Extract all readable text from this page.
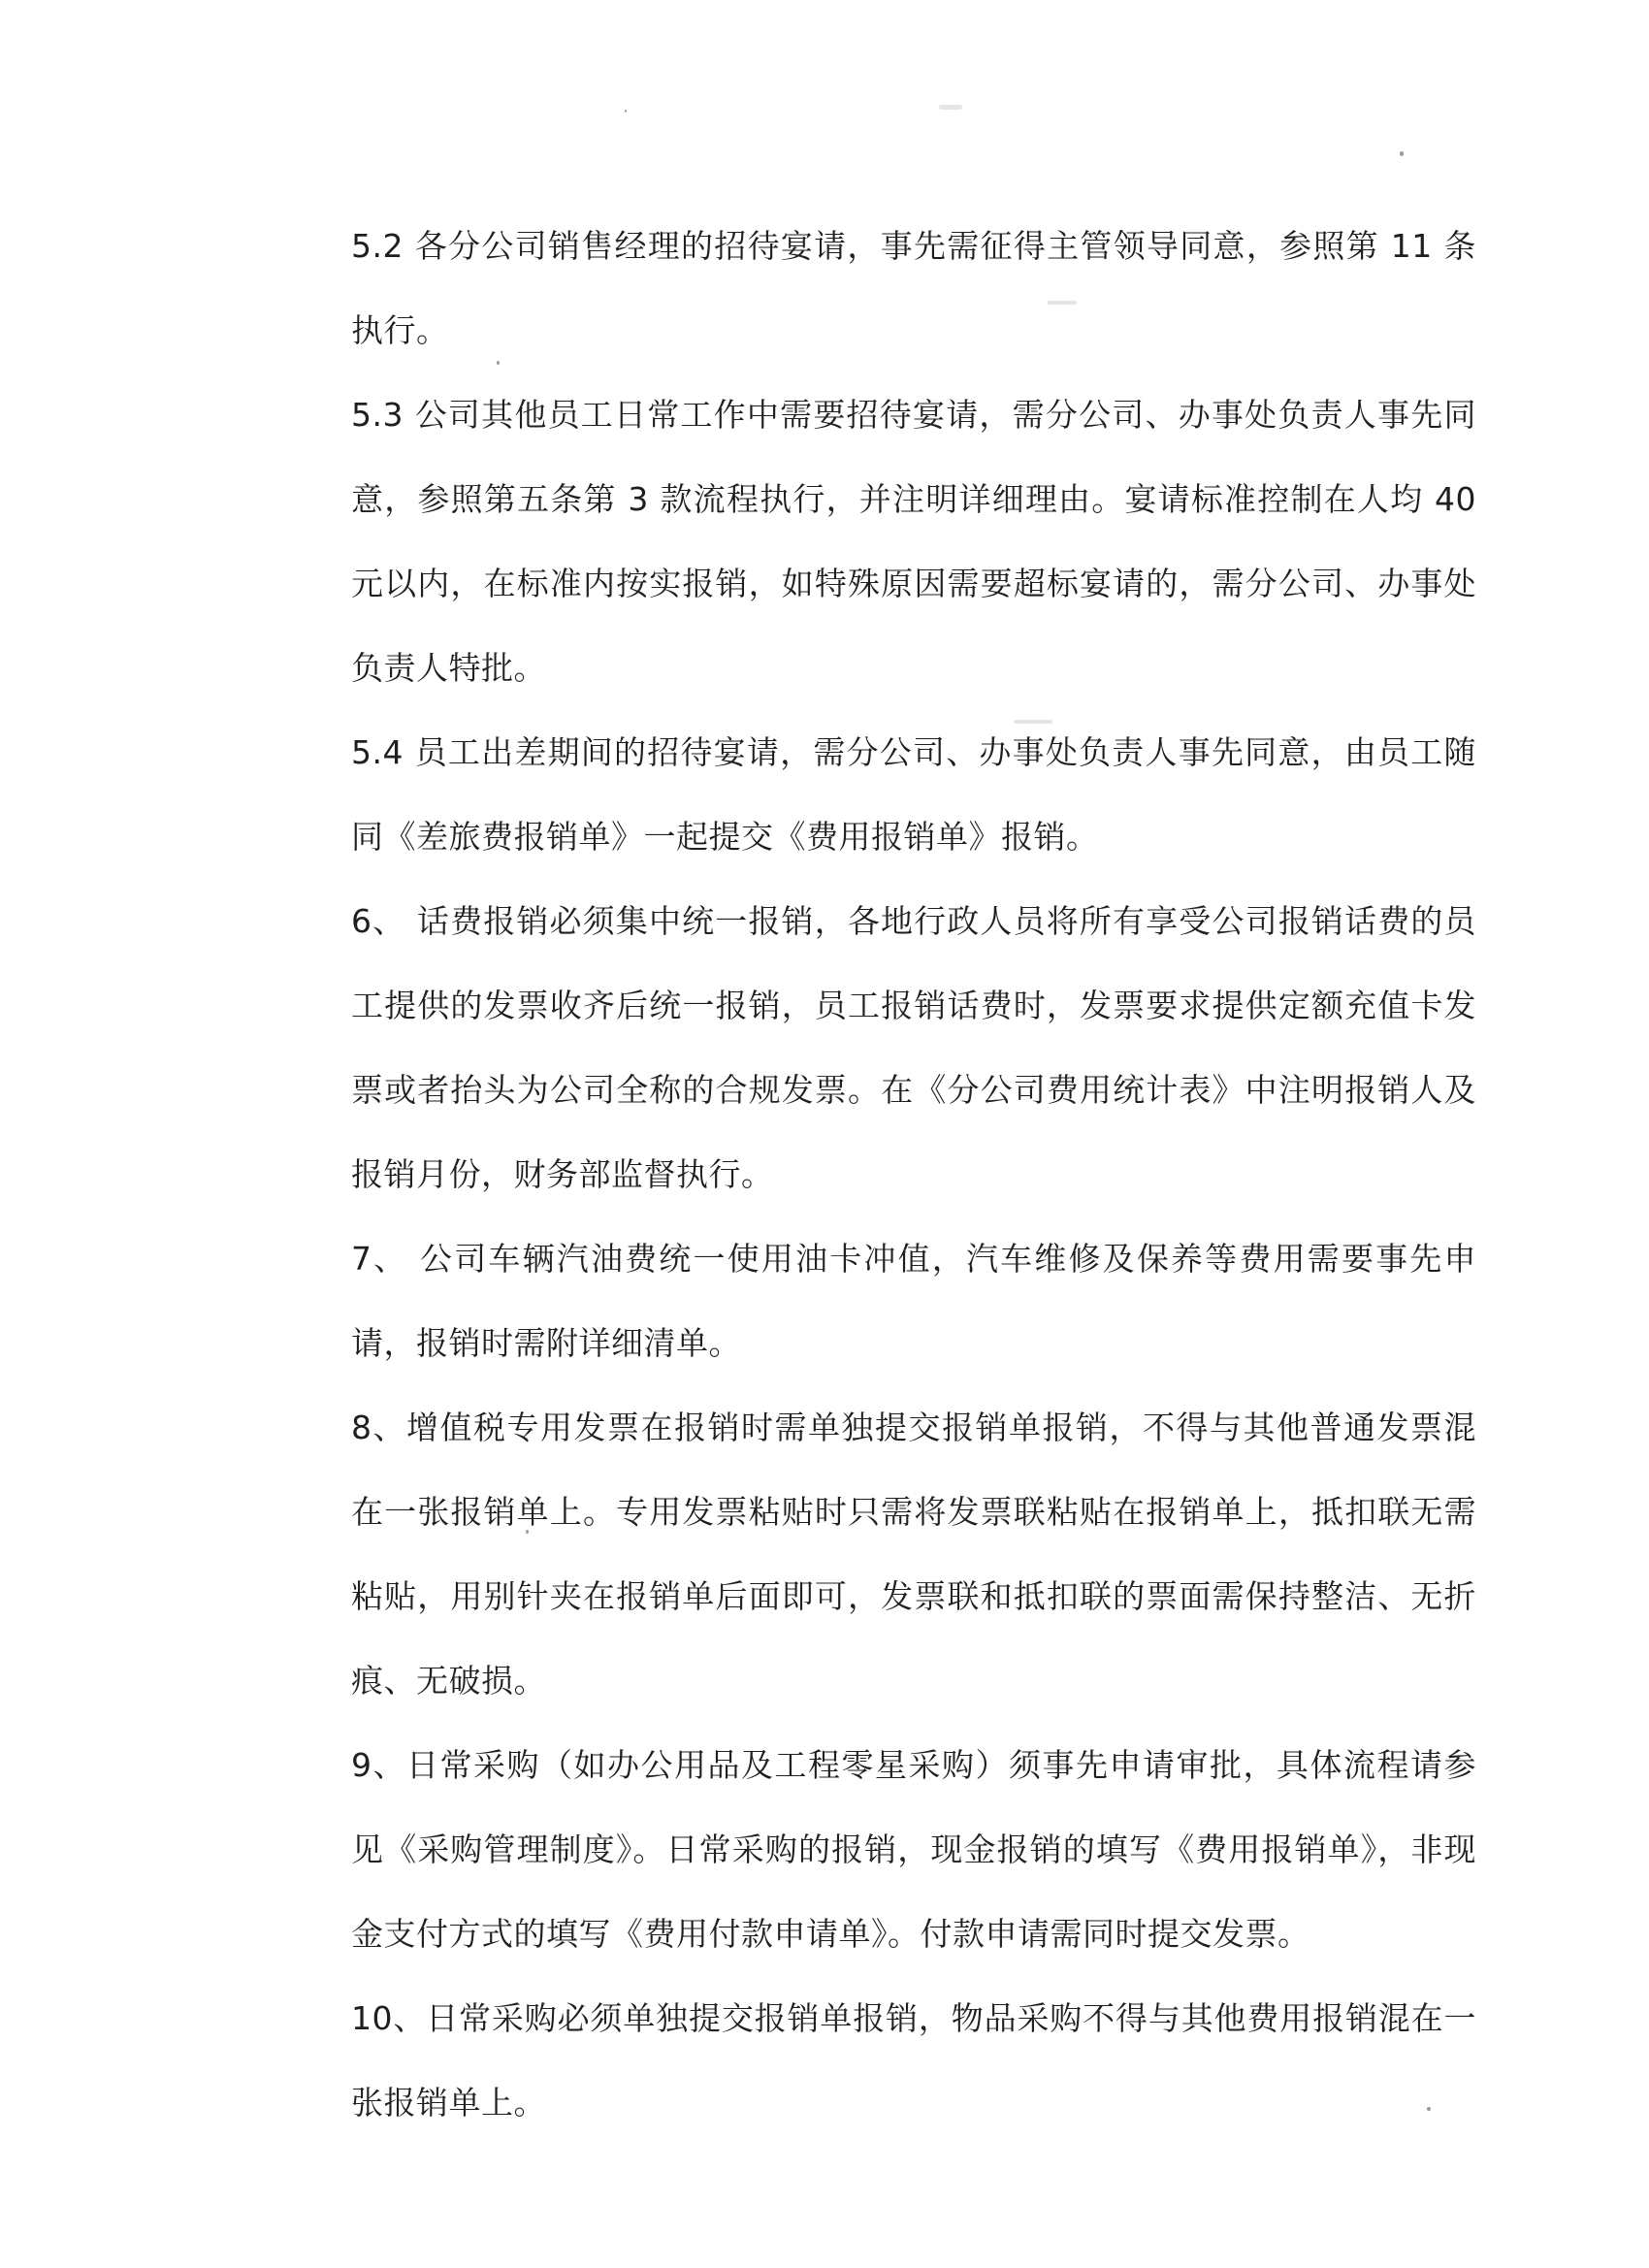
5.2 各分公司销售经理的招待宴请，事先需征得主管领导同意，参照第 11 条执行。

5.3 公司其他员工日常工作中需要招待宴请，需分公司、办事处负责人事先同意，参照第五条第 3 款流程执行，并注明详细理由。宴请标准控制在人均 40 元以内，在标准内按实报销，如特殊原因需要超标宴请的，需分公司、办事处负责人特批。

5.4 员工出差期间的招待宴请，需分公司、办事处负责人事先同意，由员工随同《差旅费报销单》一起提交《费用报销单》报销。

6、 话费报销必须集中统一报销，各地行政人员将所有享受公司报销话费的员工提供的发票收齐后统一报销，员工报销话费时，发票要求提供定额充值卡发票或者抬头为公司全称的合规发票。在《分公司费用统计表》中注明报销人及报销月份，财务部监督执行。

7、 公司车辆汽油费统一使用油卡冲值，汽车维修及保养等费用需要事先申请，报销时需附详细清单。

8、增值税专用发票在报销时需单独提交报销单报销，不得与其他普通发票混在一张报销单上。专用发票粘贴时只需将发票联粘贴在报销单上，抵扣联无需粘贴，用别针夹在报销单后面即可，发票联和抵扣联的票面需保持整洁、无折痕、无破损。

9、日常采购（如办公用品及工程零星采购）须事先申请审批，具体流程请参见《采购管理制度》。日常采购的报销，现金报销的填写《费用报销单》，非现金支付方式的填写《费用付款申请单》。付款申请需同时提交发票。

10、日常采购必须单独提交报销单报销，物品采购不得与其他费用报销混在一张报销单上。
